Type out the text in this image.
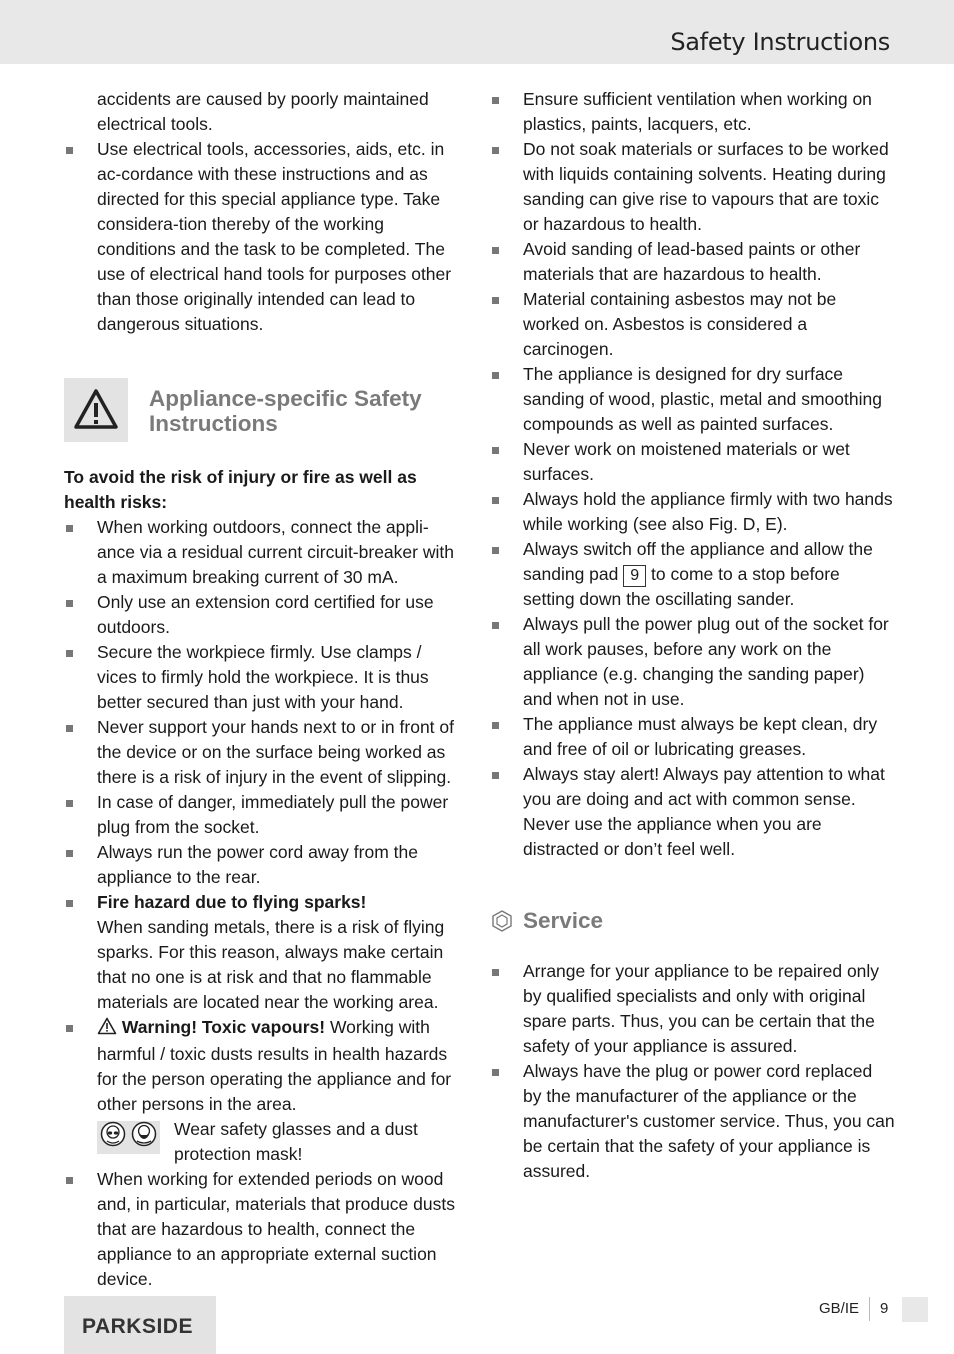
Safety Instructions

accidents are caused by poorly maintained electrical tools.

Use electrical tools, accessories, aids, etc. in ac-cordance with these instructions and as directed for this special appliance type. Take considera-tion thereby of the working conditions and the task to be completed. The use of electrical hand tools for purposes other than those originally intended can lead to dangerous situations.

Appliance-specific Safety
Instructions

To avoid the risk of injury or fire as well as health risks:

When working outdoors, connect the appli-ance via a residual current circuit-breaker with a maximum breaking current of 30 mA.

Only use an extension cord certified for use outdoors.

Secure the workpiece firmly. Use clamps / vices to firmly hold the workpiece. It is thus better secured than just with your hand.

Never support your hands next to or in front of the device or on the surface being worked as there is a risk of injury in the event of slipping.

In case of danger, immediately pull the power plug from the socket.

Always run the power cord away from the appliance to the rear.

Fire hazard due to flying sparks!
When sanding metals, there is a risk of flying sparks. For this reason, always make certain that no one is at risk and that no flammable materials are located near the working area.
Warning! Toxic vapours! Working with harmful / toxic dusts results in health hazards for the person operating the appliance and for other persons in the area.
Wear safety glasses and a dust protection mask!

When working for extended periods on wood and, in particular, materials that produce dusts that are hazardous to health, connect the appliance to an appropriate external suction device.

Ensure sufficient ventilation when working on plastics, paints, lacquers, etc.

Do not soak materials or surfaces to be worked with liquids containing solvents. Heating during sanding can give rise to vapours that are toxic or hazardous to health.

Avoid sanding of lead-based paints or other materials that are hazardous to health.

Material containing asbestos may not be worked on. Asbestos is considered a carcinogen.

The appliance is designed for dry surface sanding of wood, plastic, metal and smoothing compounds as well as painted surfaces.

Never work on moistened materials or wet surfaces.

Always hold the appliance firmly with two hands while working (see also Fig. D, E).

Always switch off the appliance and allow the sanding pad 9 to come to a stop before setting down the oscillating sander.

Always pull the power plug out of the socket for all work pauses, before any work on the appliance (e.g. changing the sanding paper) and when not in use.

The appliance must always be kept clean, dry and free of oil or lubricating greases.

Always stay alert! Always pay attention to what you are doing and act with common sense. Never use the appliance when you are distracted or don’t feel well.

Service

Arrange for your appliance to be repaired only by qualified specialists and only with original spare parts. Thus, you can be certain that the safety of your appliance is assured.

Always have the plug or power cord replaced by the manufacturer of the appliance or the manufacturer's customer service. Thus, you can be certain that the safety of your appliance is assured.

PARKSIDE
GB/IE 9
